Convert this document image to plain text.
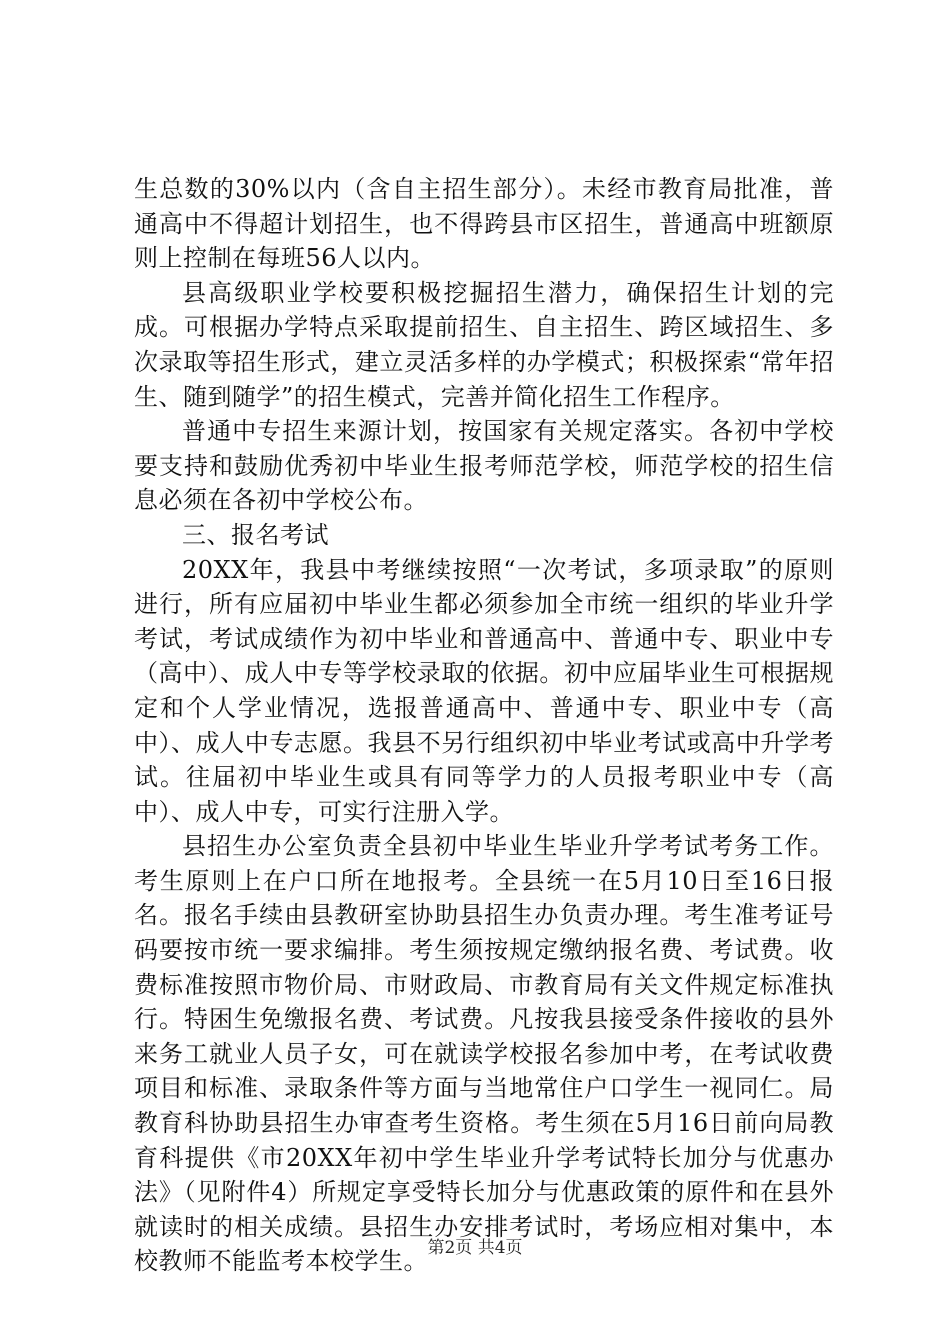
生总数的30%以内（含自主招生部分）。未经市教育局批准，普通高中不得超计划招生，也不得跨县市区招生，普通高中班额原则上控制在每班56人以内。

县高级职业学校要积极挖掘招生潜力，确保招生计划的完成。可根据办学特点采取提前招生、自主招生、跨区域招生、多次录取等招生形式，建立灵活多样的办学模式；积极探索“常年招生、随到随学”的招生模式，完善并简化招生工作程序。

普通中专招生来源计划，按国家有关规定落实。各初中学校要支持和鼓励优秀初中毕业生报考师范学校，师范学校的招生信息必须在各初中学校公布。

三、报名考试

20XX年，我县中考继续按照“一次考试，多项录取”的原则进行，所有应届初中毕业生都必须参加全市统一组织的毕业升学考试，考试成绩作为初中毕业和普通高中、普通中专、职业中专（高中）、成人中专等学校录取的依据。初中应届毕业生可根据规定和个人学业情况，选报普通高中、普通中专、职业中专（高中）、成人中专志愿。我县不另行组织初中毕业考试或高中升学考试。往届初中毕业生或具有同等学力的人员报考职业中专（高中）、成人中专，可实行注册入学。

县招生办公室负责全县初中毕业生毕业升学考试考务工作。考生原则上在户口所在地报考。全县统一在5月10日至16日报名。报名手续由县教研室协助县招生办负责办理。考生准考证号码要按市统一要求编排。考生须按规定缴纳报名费、考试费。收费标准按照市物价局、市财政局、市教育局有关文件规定标准执行。特困生免缴报名费、考试费。凡按我县接受条件接收的县外来务工就业人员子女，可在就读学校报名参加中考，在考试收费项目和标准、录取条件等方面与当地常住户口学生一视同仁。局教育科协助县招生办审查考生资格。考生须在5月16日前向局教育科提供《市20XX年初中学生毕业升学考试特长加分与优惠办法》（见附件4）所规定享受特长加分与优惠政策的原件和在县外就读时的相关成绩。县招生办安排考试时，考场应相对集中，本校教师不能监考本校学生。 第2页 共4页
